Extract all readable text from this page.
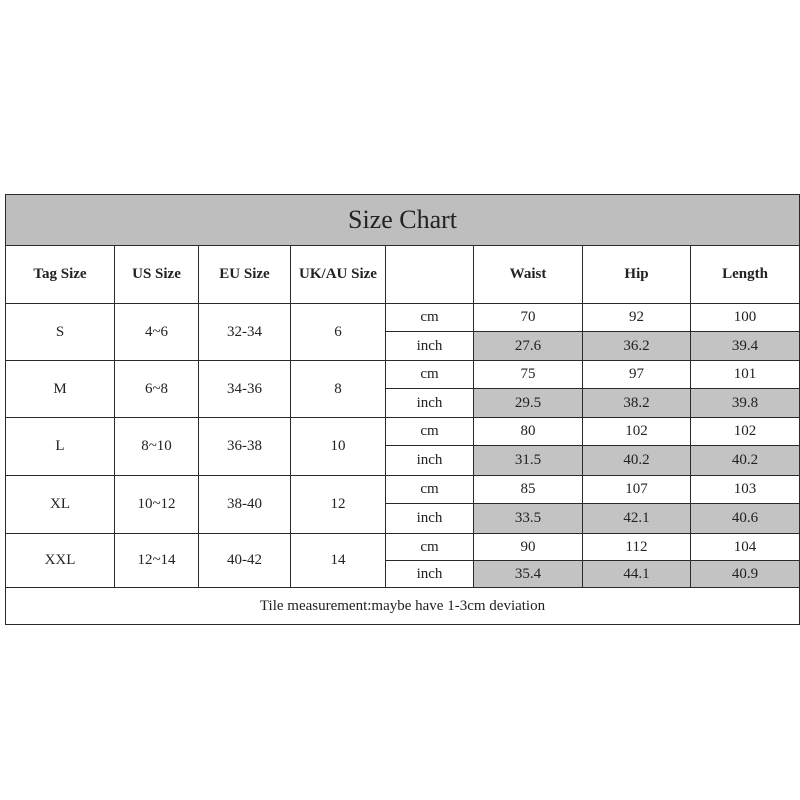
Size Chart							
Tag Size	US Size	EU Size	UK/AU Size		Waist	Hip	Length
S	4~6	32-34	6	cm	70	92	100
				inch	27.6	36.2	39.4
M	6~8	34-36	8	cm	75	97	101
				inch	29.5	38.2	39.8
L	8~10	36-38	10	cm	80	102	102
				inch	31.5	40.2	40.2
XL	10~12	38-40	12	cm	85	107	103
				inch	33.5	42.1	40.6
XXL	12~14	40-42	14	cm	90	112	104
				inch	35.4	44.1	40.9
Tile measurement:maybe have 1-3cm deviation							
